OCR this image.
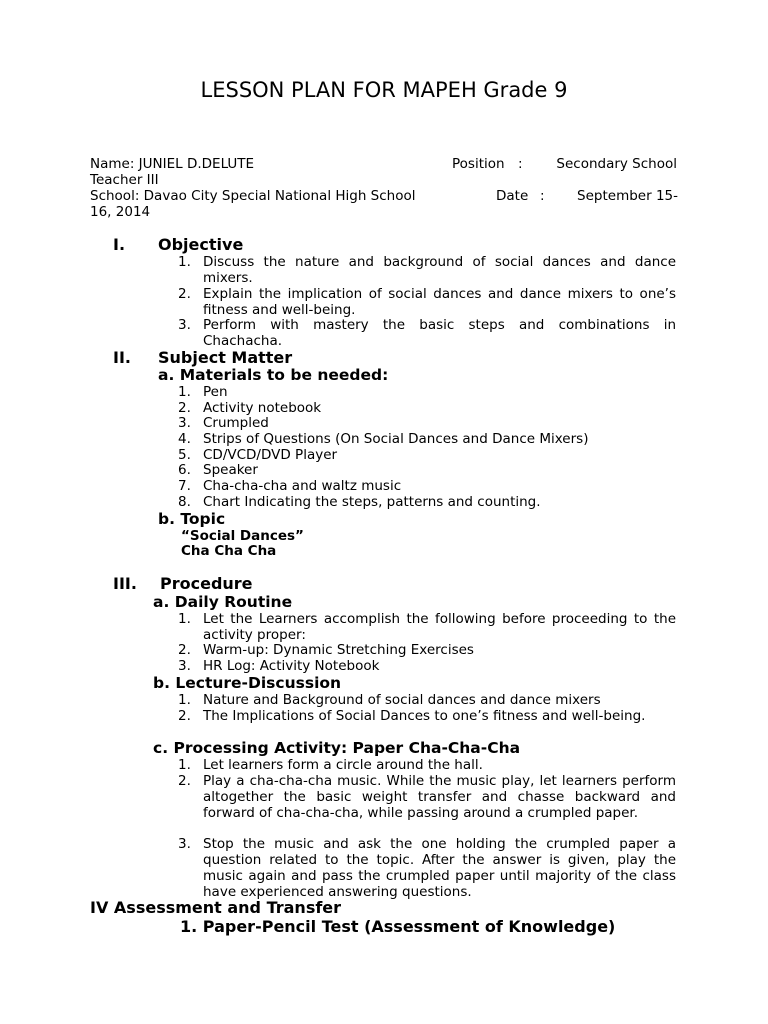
LESSON PLAN FOR MAPEH Grade 9
Name: JUNIEL D.DELUTE	Position :	Secondary School
Teacher III
School: Davao City Special National High School	Date :	September 15-
16, 2014
I. Objective
1. Discuss the nature and background of social dances and dance mixers.
2. Explain the implication of social dances and dance mixers to one’s fitness and well-being.
3. Perform with mastery the basic steps and combinations in Chachacha.
II. Subject Matter
a. Materials to be needed:
1. Pen
2. Activity notebook
3. Crumpled
4. Strips of Questions (On Social Dances and Dance Mixers)
5. CD/VCD/DVD Player
6. Speaker
7. Cha-cha-cha and waltz music
8. Chart Indicating the steps, patterns and counting.
b. Topic
“Social Dances”
Cha Cha Cha
III. Procedure
a. Daily Routine
1. Let the Learners accomplish the following before proceeding to the activity proper:
2. Warm-up: Dynamic Stretching Exercises
3. HR Log: Activity Notebook
b. Lecture-Discussion
1. Nature and Background of social dances and dance mixers
2. The Implications of Social Dances to one’s fitness and well-being.
c. Processing Activity: Paper Cha-Cha-Cha
1. Let learners form a circle around the hall.
2. Play a cha-cha-cha music. While the music play, let learners perform altogether the basic weight transfer and chasse backward and forward of cha-cha-cha, while passing around a crumpled paper.
3. Stop the music and ask the one holding the crumpled paper a question related to the topic. After the answer is given, play the music again and pass the crumpled paper until majority of the class have experienced answering questions.
IV Assessment and Transfer
1. Paper-Pencil Test (Assessment of Knowledge)
